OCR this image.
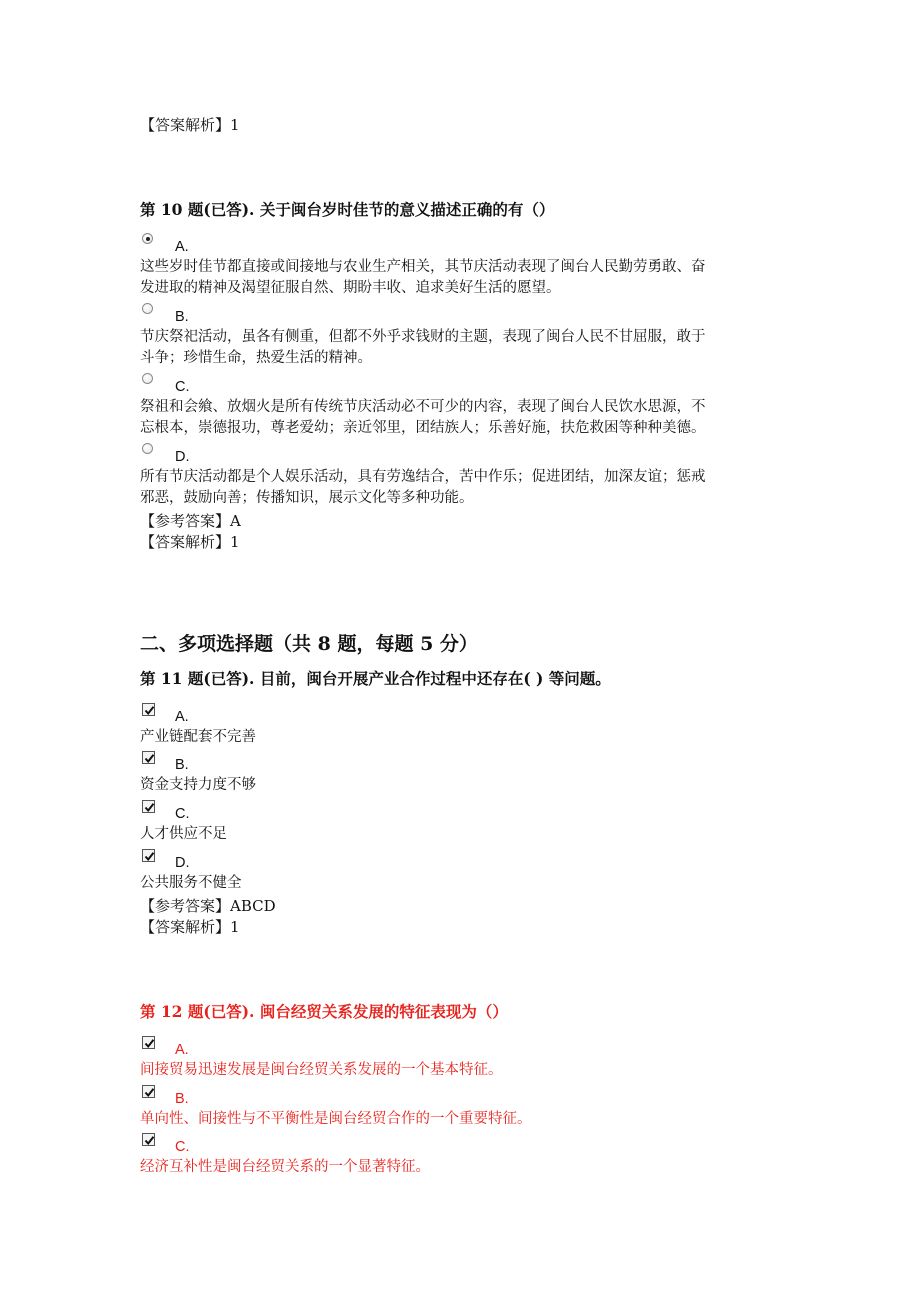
【答案解析】1
第 10 题(已答). 关于闽台岁时佳节的意义描述正确的有（）
A.
这些岁时佳节都直接或间接地与农业生产相关，其节庆活动表现了闽台人民勤劳勇敢、奋
发进取的精神及渴望征服自然、期盼丰收、追求美好生活的愿望。
B.
节庆祭祀活动，虽各有侧重，但都不外乎求钱财的主题，表现了闽台人民不甘屈服，敢于
斗争；珍惜生命，热爱生活的精神。
C.
祭祖和会飨、放烟火是所有传统节庆活动必不可少的内容，表现了闽台人民饮水思源，不
忘根本，崇德报功，尊老爱幼；亲近邻里，团结族人；乐善好施，扶危救困等种种美德。
D.
所有节庆活动都是个人娱乐活动，具有劳逸结合，苦中作乐；促进团结，加深友谊；惩戒
邪恶，鼓励向善；传播知识，展示文化等多种功能。
【参考答案】A
【答案解析】1
二、多项选择题（共 8 题，每题 5 分）
第 11 题(已答). 目前，闽台开展产业合作过程中还存在( ) 等问题。
A.
产业链配套不完善
B.
资金支持力度不够
C.
人才供应不足
D.
公共服务不健全
【参考答案】ABCD
【答案解析】1
第 12 题(已答). 闽台经贸关系发展的特征表现为（）
A.
间接贸易迅速发展是闽台经贸关系发展的一个基本特征。
B.
单向性、间接性与不平衡性是闽台经贸合作的一个重要特征。
C.
经济互补性是闽台经贸关系的一个显著特征。
